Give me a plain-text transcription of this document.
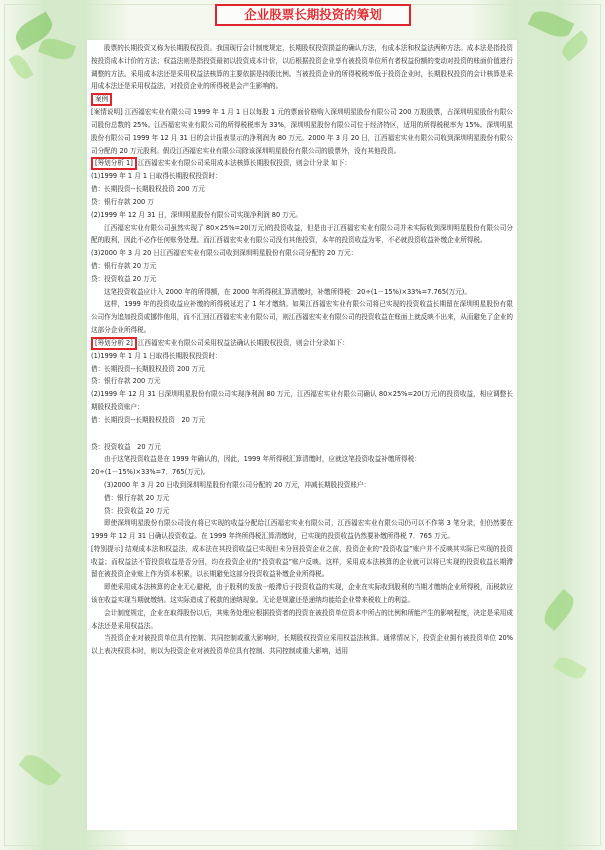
企业股票长期投资的筹划

股票的长期投资又称为长期股权投资。我国现行会计制度规定，长期股权投资损益的确认方法，有成本法和权益法两种方法。成本法是指投资按投资成本计价的方法；权益法则是指投资最初以投资成本计价，以后根据投资企业享有被投资单位所有者权益份额的变动对投资的账面价值进行调整的方法。采用成本法还是采用权益法核算的主要依据是持股比例。当被投资企业的所得税税率低于投资企业时，长期股权投资的会计核算是采用成本法还是采用权益法，对投资企业的所得税是会产生影响的。

案例

[案情说明] 江西福宏实业有限公司 1999 年 1 月 1 日以每股 1 元的票面价格购入深圳明星股份有限公司 200 万股股票，占深圳明星股份有限公司股份总数的 25%。江西福宏实业有限公司的所得税税率为 33%，深圳明星股份有限公司位于经济特区，适用的所得税税率为 15%。深圳明星股份有限公司 1999 年 12 月 31 日的会计报表显示的净利润为 80 万元。2000 年 3 月 20 日，江西福宏实业有限公司收到深圳明星股份有限公司分配的 20 万元股利。假设江西福宏实业有限公司除该深圳明星股份有限公司的股票外，没有其他投资。

[筹划分析 1] 江西福宏实业有限公司采用成本法核算长期股权投资，则会计分录 如下：

(1)1999 年 1 月 1 日取得长期股权投资时：

借：长期投资--长期股权投资 200 万元

贷：银行存款 200 万

(2)1999 年 12 月 31 日，深圳明星股份有限公司实现净利润 80 万元。

江西福宏实业有限公司虽然实现了 80×25%=20(万元)的投资收益，但是由于江西福宏实业有限公司并未实际收到深圳明星股份有限公司分配的股利，因此不必作任何账务处理。而江西福宏实业有限公司没有其他投资，本年的投资收益为零，不必就投资收益补缴企业所得税。

(3)2000 年 3 月 20 日江西福宏实业有限公司收到深圳明星股份有限公司分配的 20 万元：

借：银行存款 20 万元

贷：投资收益 20 万元

这笔投资收益应计入 2000 年的所得额，在 2000 年所得税汇算清缴时，补缴所得税：20÷(1－15%)×33%=7.765(万元)。

这样，1999 年的投资收益应补缴的所得税延迟了 1 年才缴纳。如果江西福宏实业有限公司将已实现的投资收益长期留在深圳明星股份有限公司作为追加投资或挪作他用，而不汇回江西福宏实业有限公司，则江西福宏实业有限公司的投资收益在账面上就反映不出来，从而避免了企业的这部分企业所得税。

[筹划分析 2] 江西福宏实业有限公司采用权益法确认长期股权投资，则会计分录如下：

(1)1999 年 1 月 1 日取得长期股权投资时：

借：长期投资--长期股权投资 200 万元

贷：银行存款 200 万元

(2)1999 年 12 月 31 日深圳明星股份有限公司实现净利润 80 万元，江西福宏实业有限公司确认 80×25%=20(万元)的投资收益，相应调整长期股权投资账户：

借：长期投资--长期股权投资　20 万元

贷：投资收益　20 万元

由于这笔投资收益是在 1999 年确认的，因此，1999 年所得税汇算清缴时，应就这笔投资收益补缴所得税：

20÷(1－15%)×33%=7．765(万元)。

(3)2000 年 3 月 20 日收到深圳明星股份有限公司分配的 20 万元，冲减长期股投资账户：

借：银行存款 20 万元

贷：投资收益 20 万元

即使深圳明星股份有限公司没有将已实现的收益分配给江西福宏实业有限公司，江西福宏实业有限公司仍可以不作第 3 笔分录，但仍然要在 1999 年 12 月 31 日确认投资收益。在 1999 年终所得税汇算清缴时，已实现的投资收益仍然要补缴所得税 7．765 万元。

[特别提示] 结观成本法和权益法，成本法在其投资收益已实现但未分回投资企业之前，投资企业的“投资收益”账户并不反映其实际已实现的投资收益；而权益法不管投资收益是否分回，均在投资企业的“投资收益”账户反映。这样，采用成本法核算的企业就可以将已实现的投资收益长期滞留在被投资企业账上作为资本积累，以长期避免这部分投资收益补缴企业所得税。

即使采用成本法核算的企业无心避税，由于股利的发放一般滞后于投资收益的实现，企业在实际收到股利的当期才缴纳企业所得税，而税款应该在收益实现当期就缴纳。这实际造成了税款的递纳现象。无论是规避还是递纳均能给企业带来税收上的利益。

会计制度规定，企业在取得股份以后，其账务处理应根据投资者的投资在被投资单位资本中所占的比例和所能产生的影响程度，决定是采用成本法还是采用权益法。

当投资企业对被投资单位具有控制、共同控制或重大影响时，长期股权投资应采用权益法核算。通常情况下，投资企业拥有被投资单位 20%以上表决权资本时，则以为投资企业对被投资单位具有控制、共同控制或重大影响，适用
